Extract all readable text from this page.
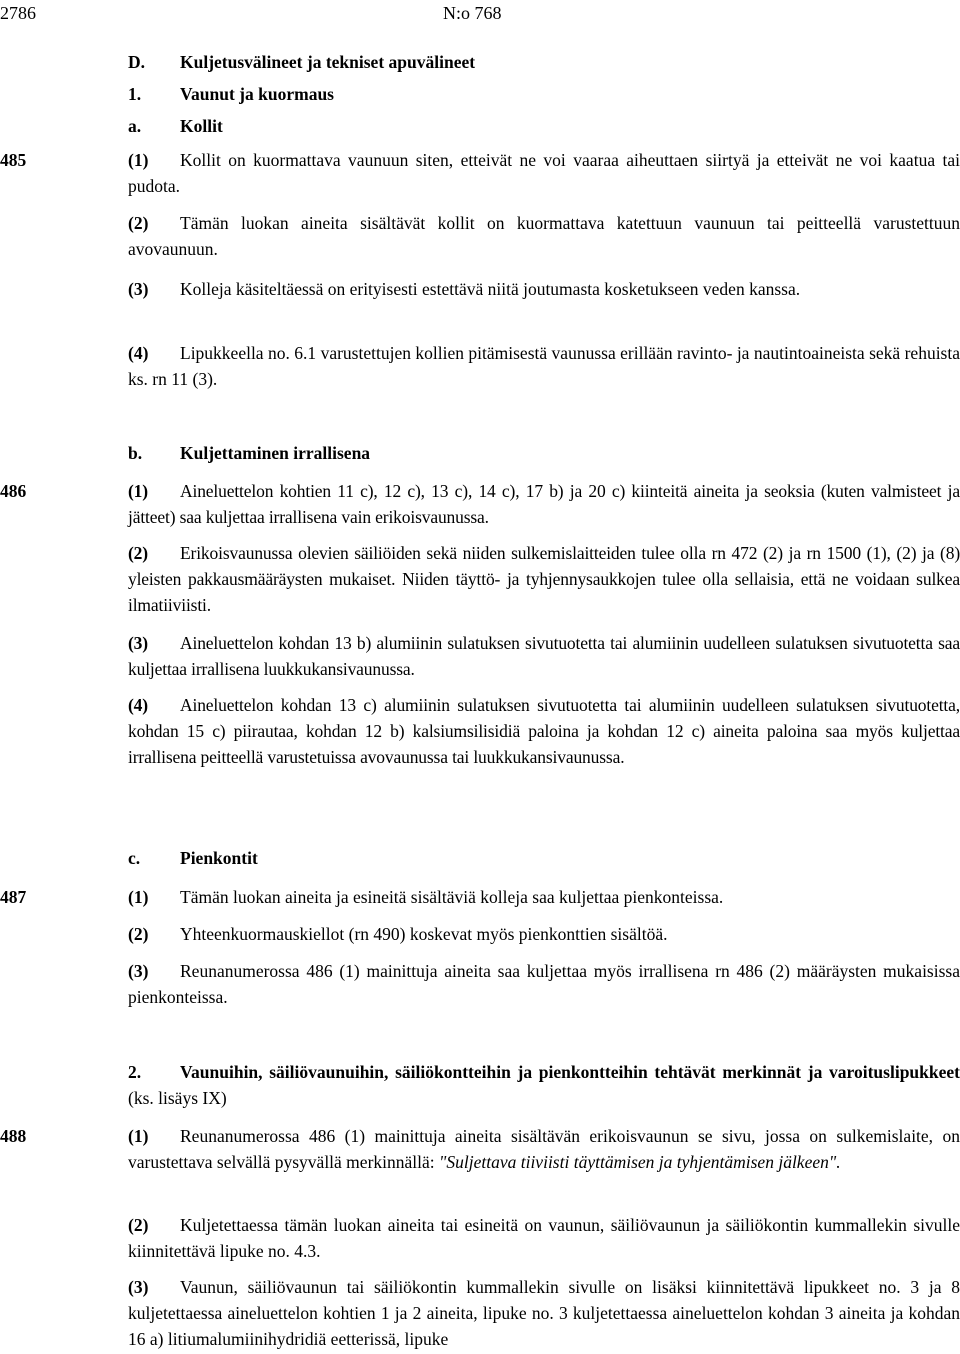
2786	N:o 768
D. Kuljetusvälineet ja tekniset apuvälineet
1. Vaunut ja kuormaus
a. Kollit
485	(1) Kollit on kuormattava vaunuun siten, etteivät ne voi vaaraa aiheuttaen siirtyä ja etteivät ne voi kaatua tai pudota.
(2) Tämän luokan aineita sisältävät kollit on kuormattava katettuun vaunuun tai peitteellä varustettuun avovaunuun.
(3) Kolleja käsiteltäessä on erityisesti estettävä niitä joutumasta kosketukseen veden kanssa.
(4) Lipukkeella no. 6.1 varustettujen kollien pitämisestä vaunussa erillään ravinto- ja nautintoaineista sekä rehuista ks. rn 11 (3).
b. Kuljettaminen irrallisena
486	(1) Aineluettelon kohtien 11 c), 12 c), 13 c), 14 c), 17 b) ja 20 c) kiinteitä aineita ja seoksia (kuten valmisteet ja jätteet) saa kuljettaa irrallisena vain erikoisvaunussa.
(2) Erikoisvaunussa olevien säiliöiden sekä niiden sulkemislaitteiden tulee olla rn 472 (2) ja rn 1500 (1), (2) ja (8) yleisten pakkausmääräysten mukaiset. Niiden täyttö- ja tyhjennysaukkojen tulee olla sellaisia, että ne voidaan sulkea ilmatiiviisti.
(3) Aineluettelon kohdan 13 b) alumiinin sulatuksen sivutuotetta tai alumiinin uudelleen sulatuksen sivutuotetta saa kuljettaa irrallisena luukkukansivaunussa.
(4) Aineluettelon kohdan 13 c) alumiinin sulatuksen sivutuotetta tai alumiinin uudelleen sulatuksen sivutuotetta, kohdan 15 c) piirautaa, kohdan 12 b) kalsiumsilisidiä paloina ja kohdan 12 c) aineita paloina saa myös kuljettaa irrallisena peitteellä varustetuissa avovaunussa tai luukkukansivaunussa.
c. Pienkontit
487	(1) Tämän luokan aineita ja esineitä sisältäviä kolleja saa kuljettaa pienkonteissa.
(2) Yhteenkuormauskiellot (rn 490) koskevat myös pienkonttien sisältöä.
(3) Reunanumerossa 486 (1) mainittuja aineita saa kuljettaa myös irrallisena rn 486 (2) määräysten mukaisissa pienkonteissa.
2. Vaunuihin, säiliövaunuihin, säiliökontteihin ja pienkontteihin tehtävät merkinnät ja varoituslipukkeet (ks. lisäys IX)
488	(1) Reunanumerossa 486 (1) mainittuja aineita sisältävän erikoisvaunun se sivu, jossa on sulkemislaite, on varustettava selvällä pysyvällä merkinnällä: "Suljettava tiiviisti täyttämisen ja tyhjentämisen jälkeen".
(2) Kuljetettaessa tämän luokan aineita tai esineitä on vaunun, säiliövaunun ja säiliökontin kummallekin sivulle kiinnitettävä lipuke no. 4.3.
(3) Vaunun, säiliövaunun tai säiliökontin kummallekin sivulle on lisäksi kiinnitettävä lipukkeet no. 3 ja 8 kuljetettaessa aineluettelon kohtien 1 ja 2 aineita, lipuke no. 3 kuljetettaessa aineluettelon kohdan 3 aineita ja kohdan 16 a) litiumalumiinihydridiä eetterissä, lipuke
